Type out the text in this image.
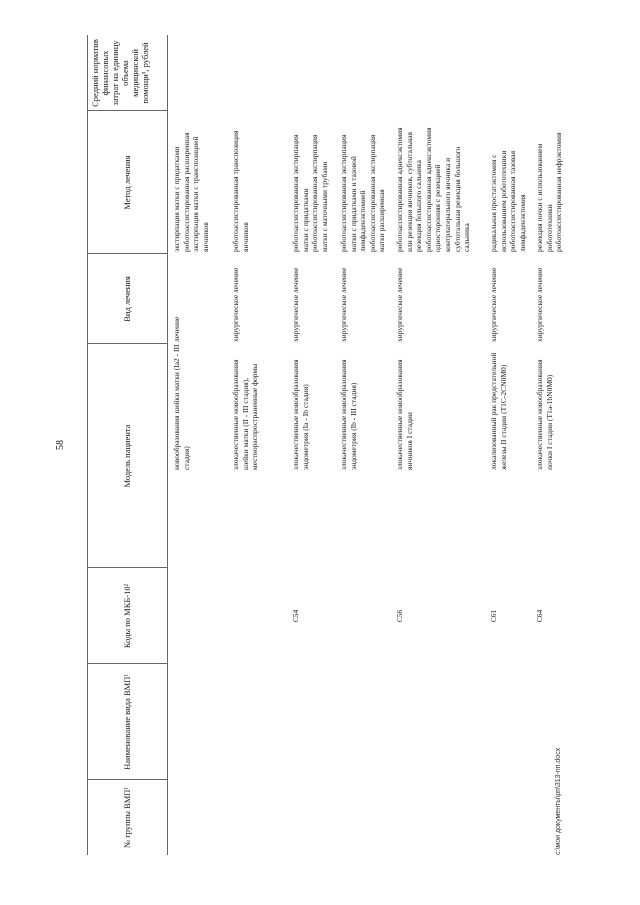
58
№ группы ВМП¹
Наименование вида ВМП¹
Коды по МКБ-10²
Модель пациента
Вид лечения
Метод лечения
Средний норматив финансовых затрат на единицу объема медицинской помощи³, рублей
новообразования шейки матки (Ia2 - III стадия)
лечение
экстирпация матки с придатками
роботоассистированная расширенная экстирпация матки с транспозицией яичников
злокачественные новообразования шейки матки (II - III стадия), местнораспространенные формы
хирургическое лечение
роботоассистированная транспозиция яичников
C54
злокачественные новообразования эндометрия (Ia - Ib стадия)
хирургическое лечение
роботоассистированная экстирпация матки с придатками
роботоассистированная экстирпация матки с маточными трубами
злокачественные новообразования эндометрия (Ib - III стадия)
хирургическое лечение
роботоассистированная экстирпация матки с придатками и тазовой лимфаденэктомией
роботоассистированная экстирпация матки расширенная
C56
злокачественные новообразования яичников I стадии
хирургическое лечение
роботоассистированная аднексэктомия или резекция яичников, субтотальная резекция большого сальника
роботоассистированная аднексэктомия односторонняя с резекцией контрлатерального яичника и субтотальная резекция большого сальника
C61
локализованный рак предстательной железы II стадии (T1C-2CN0M0)
хирургическое лечение
радикальная простатэктомия с использованием робототехники
роботоассистированная тазовая лимфаденэктомия
C64
злокачественные новообразования почки I стадии (T1a-1bN0M0)
хирургическое лечение
резекция почки с использованием робототехники
роботоассистированная нефрэктомия
c:\мои документы\рп\313-пп.docx
